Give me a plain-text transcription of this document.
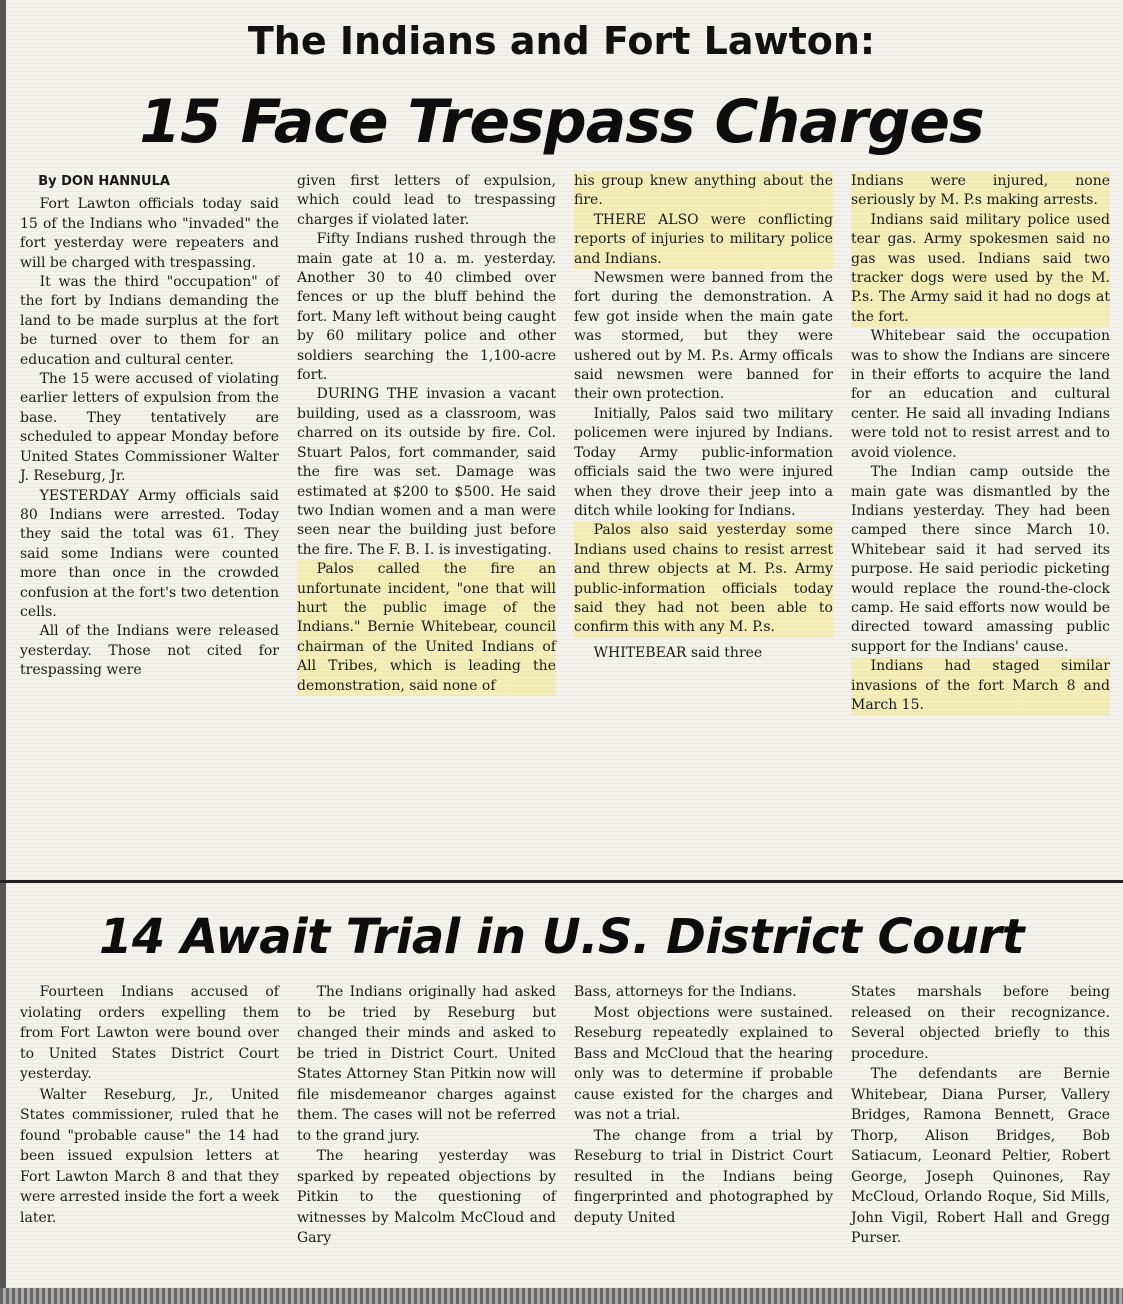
The Indians and Fort Lawton:
15 Face Trespass Charges
By DON HANNULA

Fort Lawton officials today said 15 of the Indians who "invaded" the fort yesterday were repeaters and will be charged with trespassing.

It was the third "occupation" of the fort by Indians demanding the land to be made surplus at the fort be turned over to them for an education and cultural center.

The 15 were accused of violating earlier letters of expulsion from the base. They tentatively are scheduled to appear Monday before United States Commissioner Walter J. Reseburg, Jr.

YESTERDAY Army officials said 80 Indians were arrested. Today they said the total was 61. They said some Indians were counted more than once in the crowded confusion at the fort's two detention cells.

All of the Indians were released yesterday. Those not cited for trespassing were

given first letters of expulsion, which could lead to trespassing charges if violated later.

Fifty Indians rushed through the main gate at 10 a. m. yesterday. Another 30 to 40 climbed over fences or up the bluff behind the fort. Many left without being caught by 60 military police and other soldiers searching the 1,100-acre fort.

DURING THE invasion a vacant building, used as a classroom, was charred on its outside by fire. Col. Stuart Palos, fort commander, said the fire was set. Damage was estimated at $200 to $500. He said two Indian women and a man were seen near the building just before the fire. The F. B. I. is investigating.

Palos called the fire an unfortunate incident, "one that will hurt the public image of the Indians." Bernie Whitebear, council chairman of the United Indians of All Tribes, which is leading the demonstration, said none of

his group knew anything about the fire.

THERE ALSO were conflicting reports of injuries to military police and Indians.

Newsmen were banned from the fort during the demonstration. A few got inside when the main gate was stormed, but they were ushered out by M. P.s. Army officals said newsmen were banned for their own protection.

Initially, Palos said two military policemen were injured by Indians. Today Army public-information officials said the two were injured when they drove their jeep into a ditch while looking for Indians.

Palos also said yesterday some Indians used chains to resist arrest and threw objects at M. P.s. Army public-information officials today said they had not been able to confirm this with any M. P.s.

WHITEBEAR said three

Indians were injured, none seriously by M. P.s making arrests.

Indians said military police used tear gas. Army spokesmen said no gas was used. Indians said two tracker dogs were used by the M. P.s. The Army said it had no dogs at the fort.

Whitebear said the occupation was to show the Indians are sincere in their efforts to acquire the land for an education and cultural center. He said all invading Indians were told not to resist arrest and to avoid violence.

The Indian camp outside the main gate was dismantled by the Indians yesterday. They had been camped there since March 10. Whitebear said it had served its purpose. He said periodic picketing would replace the round-the-clock camp. He said efforts now would be directed toward amassing public support for the Indians' cause.

Indians had staged similar invasions of the fort March 8 and March 15.

14 Await Trial in U.S. District Court

Fourteen Indians accused of violating orders expelling them from Fort Lawton were bound over to United States District Court yesterday.

Walter Reseburg, Jr., United States commissioner, ruled that he found "probable cause" the 14 had been issued expulsion letters at Fort Lawton March 8 and that they were arrested inside the fort a week later.

The Indians originally had asked to be tried by Reseburg but changed their minds and asked to be tried in District Court. United States Attorney Stan Pitkin now will file misdemeanor charges against them. The cases will not be referred to the grand jury.

The hearing yesterday was sparked by repeated objections by Pitkin to the questioning of witnesses by Malcolm McCloud and Gary

Bass, attorneys for the Indians.

Most objections were sustained. Reseburg repeatedly explained to Bass and McCloud that the hearing only was to determine if probable cause existed for the charges and was not a trial.

The change from a trial by Reseburg to trial in District Court resulted in the Indians being fingerprinted and photographed by deputy United

States marshals before being released on their recognizance. Several objected briefly to this procedure.

The defendants are Bernie Whitebear, Diana Purser, Vallery Bridges, Ramona Bennett, Grace Thorp, Alison Bridges, Bob Satiacum, Leonard Peltier, Robert George, Joseph Quinones, Ray McCloud, Orlando Roque, Sid Mills, John Vigil, Robert Hall and Gregg Purser.
